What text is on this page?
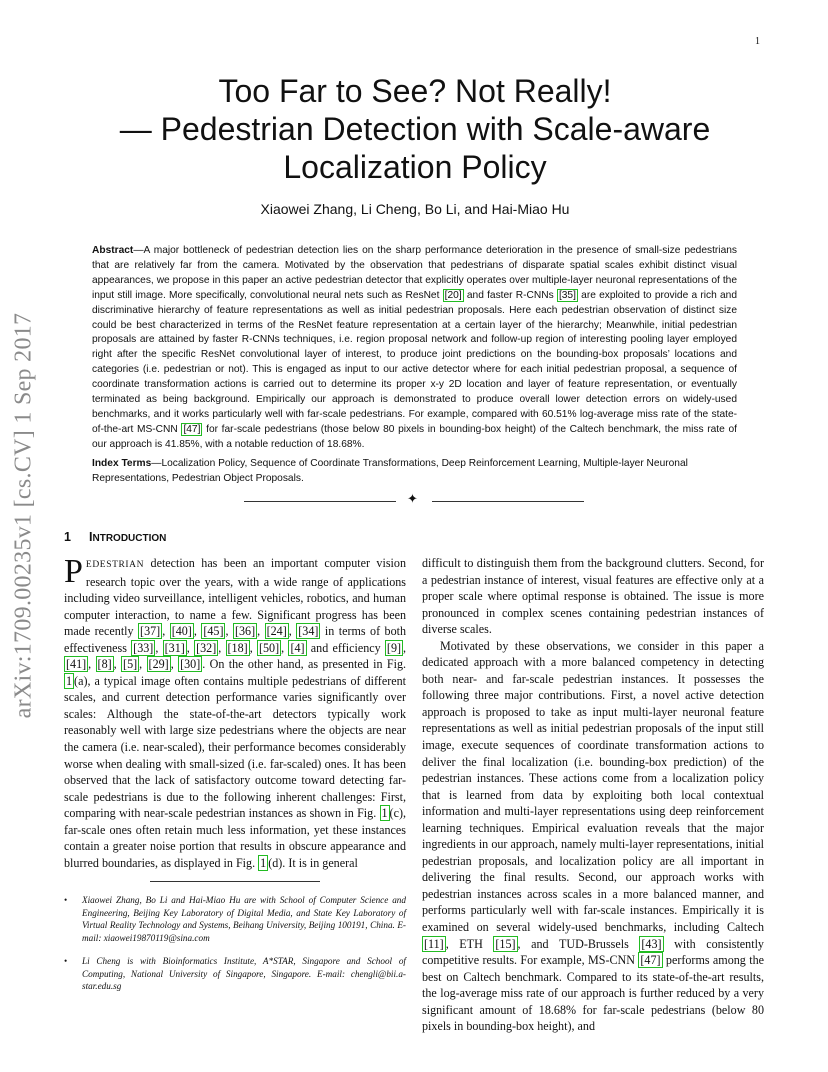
1
arXiv:1709.00235v1 [cs.CV] 1 Sep 2017
Too Far to See? Not Really!
— Pedestrian Detection with Scale-aware
Localization Policy
Xiaowei Zhang, Li Cheng, Bo Li, and Hai-Miao Hu
Abstract—A major bottleneck of pedestrian detection lies on the sharp performance deterioration in the presence of small-size pedestrians that are relatively far from the camera. Motivated by the observation that pedestrians of disparate spatial scales exhibit distinct visual appearances, we propose in this paper an active pedestrian detector that explicitly operates over multiple-layer neuronal representations of the input still image. More specifically, convolutional neural nets such as ResNet [20] and faster R-CNNs [35] are exploited to provide a rich and discriminative hierarchy of feature representations as well as initial pedestrian proposals. Here each pedestrian observation of distinct size could be best characterized in terms of the ResNet feature representation at a certain layer of the hierarchy; Meanwhile, initial pedestrian proposals are attained by faster R-CNNs techniques, i.e. region proposal network and follow-up region of interesting pooling layer employed right after the specific ResNet convolutional layer of interest, to produce joint predictions on the bounding-box proposals’ locations and categories (i.e. pedestrian or not). This is engaged as input to our active detector where for each initial pedestrian proposal, a sequence of coordinate transformation actions is carried out to determine its proper x-y 2D location and layer of feature representation, or eventually terminated as being background. Empirically our approach is demonstrated to produce overall lower detection errors on widely-used benchmarks, and it works particularly well with far-scale pedestrians. For example, compared with 60.51% log-average miss rate of the state-of-the-art MS-CNN [47] for far-scale pedestrians (those below 80 pixels in bounding-box height) of the Caltech benchmark, the miss rate of our approach is 41.85%, with a notable reduction of 18.68%.
Index Terms—Localization Policy, Sequence of Coordinate Transformations, Deep Reinforcement Learning, Multiple-layer Neuronal Representations, Pedestrian Object Proposals.
✦
1 INTRODUCTION

PEDESTRIAN detection has been an important computer vision research topic over the years, with a wide range of applications including video surveillance, intelligent vehicles, robotics, and human computer interaction, to name a few. Significant progress has been made recently [37] , [40] , [45] , [36] , [24] , [34] in terms of both effectiveness [33] , [31] , [32] , [18] , [50] , [4] and efficiency [9] , [41] , [8] , [5] , [29] , [30] . On the other hand, as presented in Fig. 1 (a), a typical image often contains multiple pedestrians of different scales, and current detection performance varies significantly over scales: Although the state-of-the-art detectors typically work reasonably well with large size pedestrians where the objects are near the camera (i.e. near-scaled), their performance becomes considerably worse when dealing with small-sized (i.e. far-scaled) ones. It has been observed that the lack of satisfactory outcome toward detecting far-scale pedestrians is due to the following inherent challenges: First, comparing with near-scale pedestrian instances as shown in Fig. 1 (c), far-scale ones often retain much less information, yet these instances contain a greater noise portion that results in obscure appearance and blurred boundaries, as displayed in Fig. 1 (d). It is in general

• Xiaowei Zhang, Bo Li and Hai-Miao Hu are with School of Computer Science and Engineering, Beijing Key Laboratory of Digital Media, and State Key Laboratory of Virtual Reality Technology and Systems, Beihang University, Beijing 100191, China. E-mail: xiaowei19870119@sina.com
• Li Cheng is with Bioinformatics Institute, A*STAR, Singapore and School of Computing, National University of Singapore, Singapore. E-mail: chengli@bii.a-star.edu.sg

difficult to distinguish them from the background clutters. Second, for a pedestrian instance of interest, visual features are effective only at a proper scale where optimal response is obtained. The issue is more pronounced in complex scenes containing pedestrian instances of diverse scales.

Motivated by these observations, we consider in this paper a dedicated approach with a more balanced competency in detecting both near- and far-scale pedestrian instances. It possesses the following three major contributions. First, a novel active detection approach is proposed to take as input multi-layer neuronal feature representations as well as initial pedestrian proposals of the input still image, execute sequences of coordinate transformation actions to deliver the final localization (i.e. bounding-box prediction) of the pedestrian instances. These actions come from a localization policy that is learned from data by exploiting both local contextual information and multi-layer representations using deep reinforcement learning techniques. Empirical evaluation reveals that the major ingredients in our approach, namely multi-layer representations, initial pedestrian proposals, and localization policy are all important in delivering the final results. Second, our approach works with pedestrian instances across scales in a more balanced manner, and performs particularly well with far-scale instances. Empirically it is examined on several widely-used benchmarks, including Caltech [11] , ETH [15] , and TUD-Brussels [43] with consistently competitive results. For example, MS-CNN [47] performs among the best on Caltech benchmark. Compared to its state-of-the-art results, the log-average miss rate of our approach is further reduced by a very significant amount of 18.68% for far-scale pedestrians (below 80 pixels in bounding-box height), and
